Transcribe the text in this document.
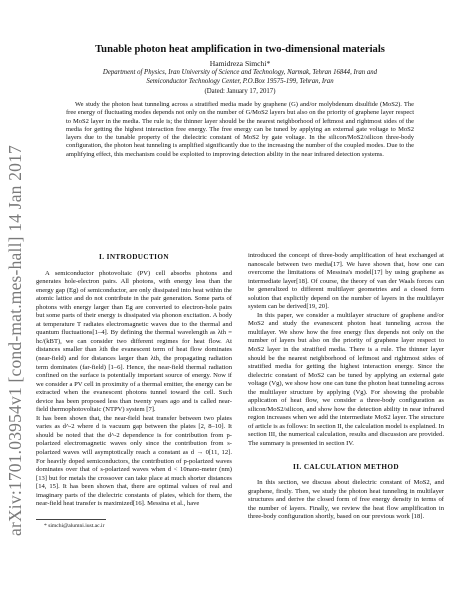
arXiv:1701.03954v1 [cond-mat.mes-hall] 14 Jan 2017
Tunable photon heat amplification in two-dimensional materials
Hamidreza Simchi*
Department of Physics, Iran University of Science and Technology, Narmak, Tehran 16844, Iran and
Semiconductor Technology Center, P.O.Box 19575-199, Tehran, Iran
(Dated: January 17, 2017)

We study the photon heat tunneling across a stratified media made by graphene (G) and/or molybdenum disulfide (MoS2). The free energy of fluctuating modes depends not only on the number of G/MoS2 layers but also on the priority of graphene layer respect to MoS2 layer in the media. The rule is; the thinner layer should be the nearest neighborhood of leftmost and rightmost sides of the media for getting the highest interaction free energy. The free energy can be tuned by applying an external gate voltage to MoS2 layers due to the tunable property of the dielectric constant of MoS2 by gate voltage. In the silicon/MoS2/silicon three-body configuration, the photon heat tunneling is amplified significantly due to the increasing the number of the coupled modes. Due to the amplifying effect, this mechanism could be exploited to improving detection ability in the near infrared detection systems.

I. INTRODUCTION

A semiconductor photovoltaic (PV) cell absorbs photons and generates hole-electron pairs. All photons, with energy less than the energy gap (Eg) of semiconductor, are only dissipated into heat within the atomic lattice and do not contribute in the pair generation. Some parts of photons with energy larger than Eg are converted to electron-hole pairs but some parts of their energy is dissipated via phonon excitation. A body at temperature T radiates electromagnetic waves due to the thermal and quantum fluctuations[1–4]. By defining the thermal wavelength as λth = hc/(kBT), we can consider two different regimes for heat flow. At distances smaller than λth the evanescent term of heat flow dominates (near-field) and for distances larger than λth, the propagating radiation term dominates (far-field) [1–6]. Hence, the near-field thermal radiation confined on the surface is potentially important source of energy. Now if we consider a PV cell in proximity of a thermal emitter, the energy can be extracted when the evanescent photons tunnel toward the cell. Such device has been proposed less than twenty years ago and is called near-field thermophotovoltaic (NTPV) system [7].

It has been shown that, the near-field heat transfer between two plates varies as d^-2 where d is vacuum gap between the plates [2, 8–10]. It should be noted that the d^-2 dependence is for contribution from p-polarized electromagnetic waves only since the contribution from s-polarized waves will asymptotically reach a constant as d → 0[11, 12]. For heavily doped semiconductors, the contribution of p-polarized waves dominates over that of s-polarized waves when d < 10nano-meter (nm)[13] but for metals the crossover can take place at much shorter distances [14, 15]. It has been shown that, there are optimal values of real and imaginary parts of the dielectric constants of plates, which for them, the near-field heat transfer is maximized[16]. Messina et al., have

* simchi@alumni.iust.ac.ir

introduced the concept of three-body amplification of heat exchanged at nanoscale between two media[17]. We have shown that, how one can overcome the limitations of Messina's model[17] by using graphene as intermediate layer[18]. Of course, the theory of van der Waals forces can be generalized to different multilayer geometries and a closed form solution that explicitly depend on the number of layers in the multilayer system can be derived[19, 20].

In this paper, we consider a multilayer structure of graphene and/or MoS2 and study the evanescent photon heat tunneling across the multilayer. We show how the free energy flux depends not only on the number of layers but also on the priority of graphene layer respect to MoS2 layer in the stratified media. There is a rule. The thinner layer should be the nearest neighborhood of leftmost and rightmost sides of stratified media for getting the highest interaction energy. Since the dielectric constant of MoS2 can be tuned by applying an external gate voltage (Vg), we show how one can tune the photon heat tunneling across the multilayer structure by applying (Vg). For showing the probable application of heat flow, we consider a three-body configuration as silicon/MoS2/silicon, and show how the detection ability in near infrared region increases when we add the intermediate MoS2 layer. The structure of article is as follows: In section II, the calculation model is explained. In section III, the numerical calculation, results and discussion are provided. The summary is presented in section IV.

II. CALCULATION METHOD

In this section, we discuss about dielectric constant of MoS2, and graphene, firstly. Then, we study the photon heat tunneling in multilayer structures and derive the closed form of free energy density in terms of the number of layers. Finally, we review the heat flow amplification in three-body configuration shortly, based on our previous work [18].
